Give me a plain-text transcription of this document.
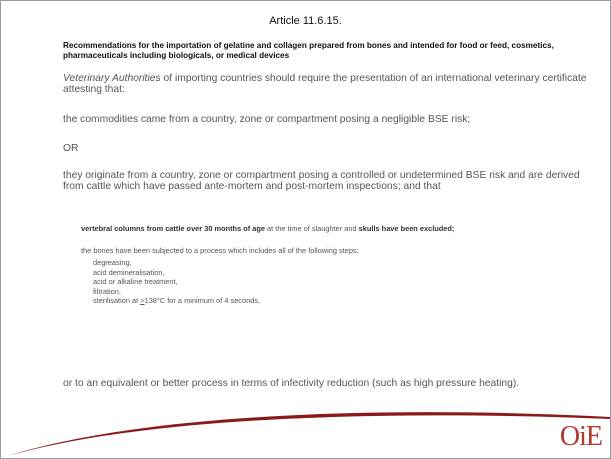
Article 11.6.15.
Recommendations for the importation of gelatine and collagen prepared from bones and intended for food or feed, cosmetics, pharmaceuticals including biologicals, or medical devices
Veterinary Authorities of importing countries should require the presentation of an international veterinary certificate attesting that:
the commodities came from a country, zone or compartment posing a negligible BSE risk;
OR
they originate from a country, zone or compartment posing a controlled or undetermined BSE risk and are derived from cattle which have passed ante-mortem and post-mortem inspections; and that
vertebral columns from cattle over 30 months of age at the time of slaughter and skulls have been excluded;
the bones have been subjected to a process which includes all of the following steps:
degreasing,
acid demineralisation,
acid or alkaline treatment,
filtration,
sterilisation at ≥138°C for a minimum of 4 seconds,
or to an equivalent or better process in terms of infectivity reduction (such as high pressure heating).
OiE
